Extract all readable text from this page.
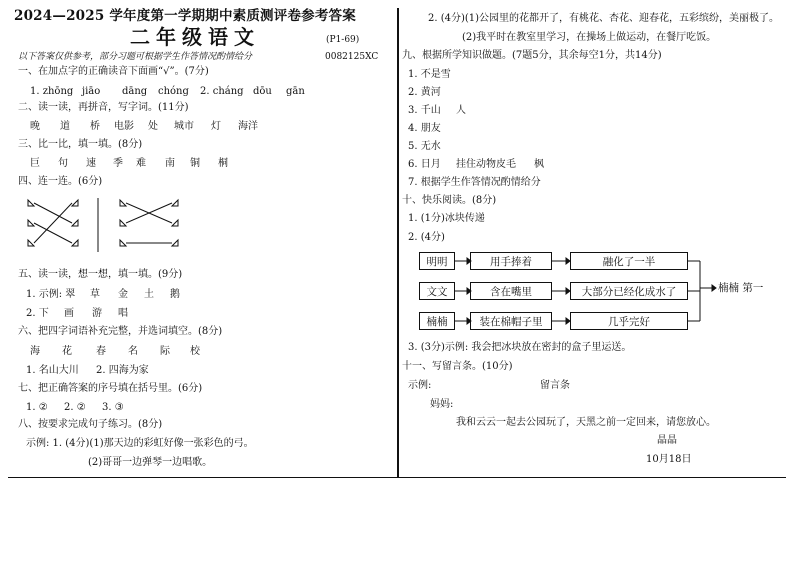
2024—2025 学年度第一学期期中素质测评卷参考答案
二年级语文	(P1-69)
以下答案仅供参考，部分习题可根据学生作答情况酌情给分	0082125XC
一、在加点字的正确读音下面画“√”。(7分)
1. zhōng jiāo dāng chóng 2. cháng dōu gān
二、读一读，再拼音，写字词。(11分)
晚 道 桥 电影 处 城市 灯 海洋
三、比一比，填一填。(8分)
巨 句 速 季 难 南 铜 桐
四、连一连。(6分)
五、读一读，想一想，填一填。(9分)
1. 示例: 翠 草 金 土 鹅
2. 下 画 游 唱
六、把四字词语补充完整，并选词填空。(8分)
海 花 春 名 际 校
1. 名山大川 2. 四海为家
七、把正确答案的序号填在括号里。(6分)
1. ② 2. ② 3. ③
八、按要求完成句子练习。(8分)
示例: 1. (4分)(1)那天边的彩虹好像一张彩色的弓。
(2)哥哥一边弹琴一边唱歌。
2. (4分)(1)公园里的花都开了，有桃花、杏花、迎春花，五彩缤纷，美丽极了。
(2)我平时在教室里学习，在操场上做运动，在餐厅吃饭。
九、根据所学知识做题。(7题5分，其余每空1分，共14分)
1. 不是雪
2. 黄河
3. 千山 人
4. 朋友
5. 无水
6. 日月 挂住动物皮毛 枫
7. 根据学生作答情况酌情给分
十、快乐阅读。(8分)
1. (1分)冰块传递
2. (4分)
明明	用手捧着	融化了一半
文文	含在嘴里	大部分已经化成水了
楠楠	装在棉帽子里	几乎完好
楠楠 第一
3. (3分)示例: 我会把冰块放在密封的盒子里运送。
十一、写留言条。(10分)
示例:	留言条
妈妈:
我和云云一起去公园玩了，天黑之前一定回来，请您放心。
晶晶
10月18日
